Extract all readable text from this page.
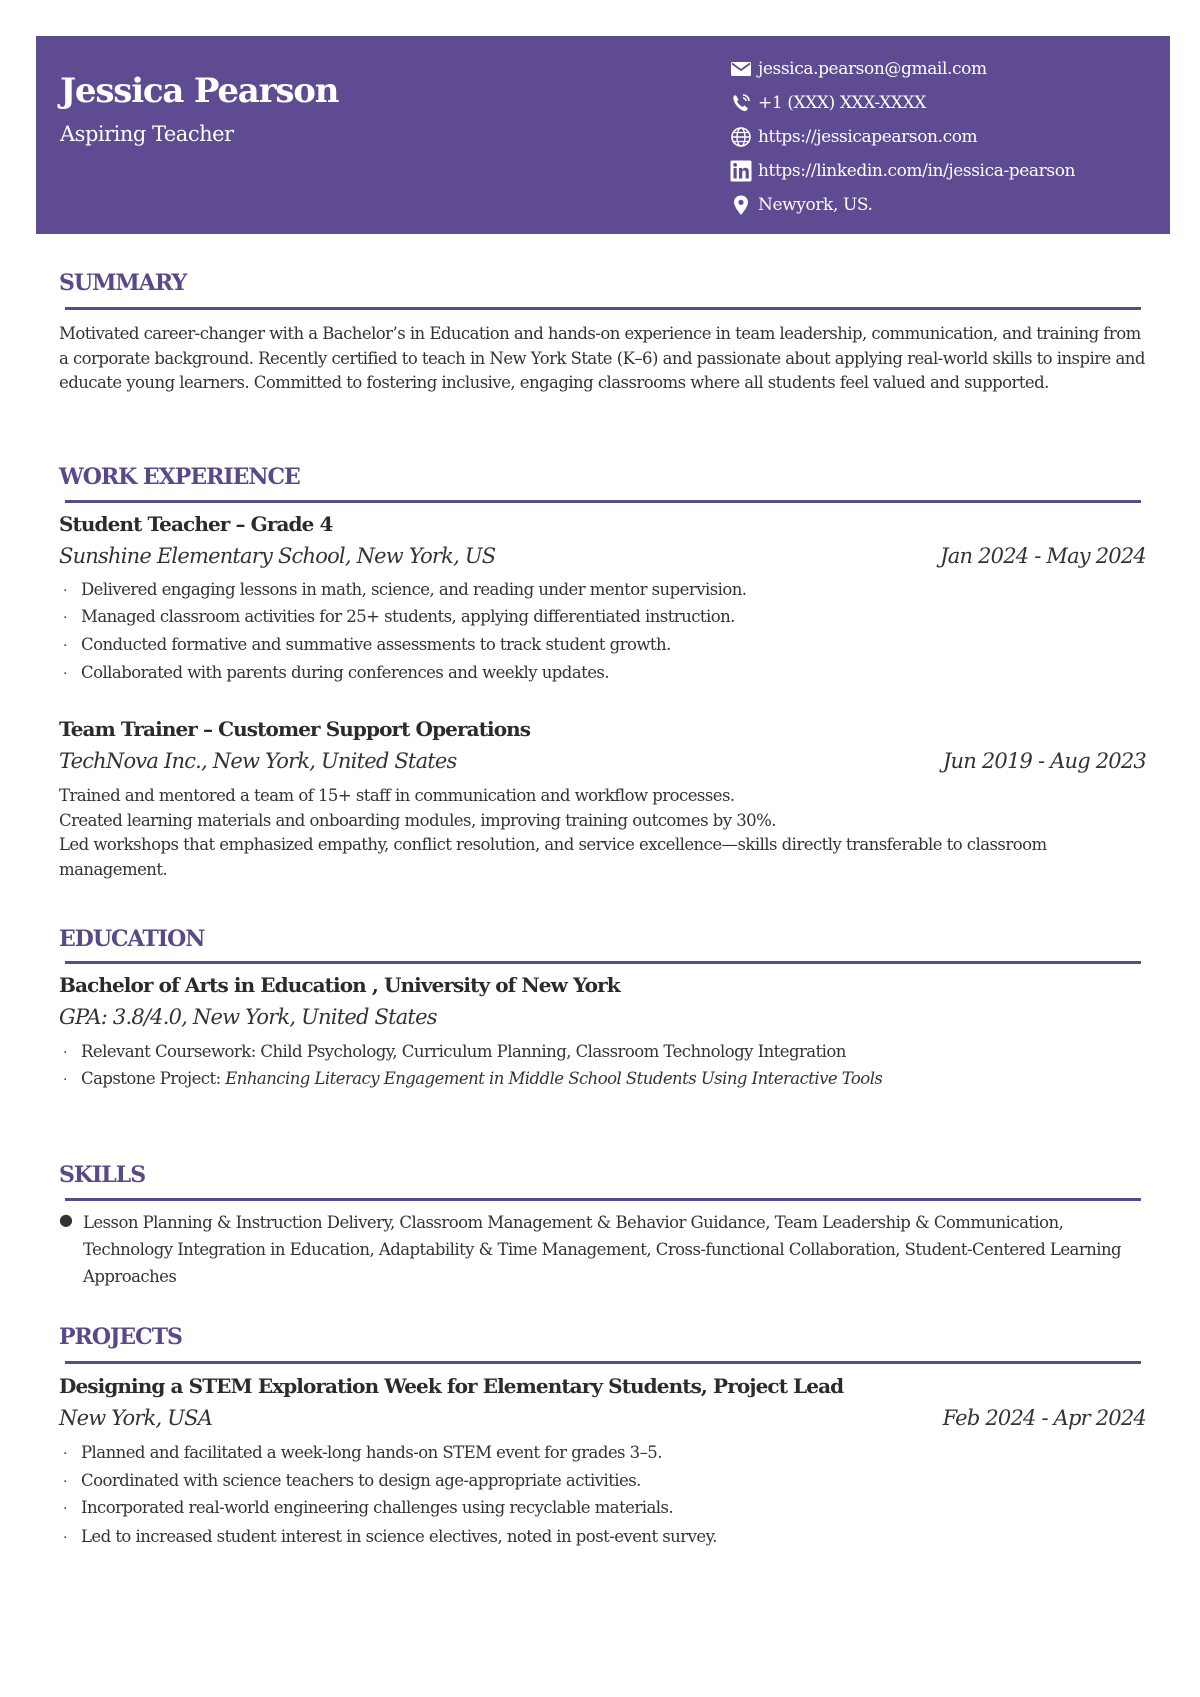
Jessica Pearson
Aspiring Teacher
jessica.pearson@gmail.com
+1 (XXX) XXX-XXXX
https://jessicapearson.com
https://linkedin.com/in/jessica-pearson
Newyork, US.
SUMMARY
Motivated career-changer with a Bachelor’s in Education and hands-on experience in team leadership, communication, and training from a corporate background. Recently certified to teach in New York State (K–6) and passionate about applying real-world skills to inspire and educate young learners. Committed to fostering inclusive, engaging classrooms where all students feel valued and supported.
WORK EXPERIENCE
Student Teacher – Grade 4
Sunshine Elementary School, New York, US	Jan 2024 - May 2024
· Delivered engaging lessons in math, science, and reading under mentor supervision.
· Managed classroom activities for 25+ students, applying differentiated instruction.
· Conducted formative and summative assessments to track student growth.
· Collaborated with parents during conferences and weekly updates.
Team Trainer – Customer Support Operations
TechNova Inc., New York, United States	Jun 2019 - Aug 2023
Trained and mentored a team of 15+ staff in communication and workflow processes.
Created learning materials and onboarding modules, improving training outcomes by 30%.
Led workshops that emphasized empathy, conflict resolution, and service excellence—skills directly transferable to classroom management.
EDUCATION
Bachelor of Arts in Education , University of New York
GPA: 3.8/4.0, New York, United States
· Relevant Coursework: Child Psychology, Curriculum Planning, Classroom Technology Integration
· Capstone Project:
Enhancing Literacy Engagement in Middle School Students Using Interactive Tools
SKILLS
● Lesson Planning & Instruction Delivery, Classroom Management & Behavior Guidance, Team Leadership & Communication, Technology Integration in Education, Adaptability & Time Management, Cross-functional Collaboration, Student-Centered Learning Approaches
PROJECTS
Designing a STEM Exploration Week for Elementary Students, Project Lead
New York, USA	Feb 2024 - Apr 2024
· Planned and facilitated a week-long hands-on STEM event for grades 3–5.
· Coordinated with science teachers to design age-appropriate activities.
· Incorporated real-world engineering challenges using recyclable materials.
· Led to increased student interest in science electives, noted in post-event survey.
